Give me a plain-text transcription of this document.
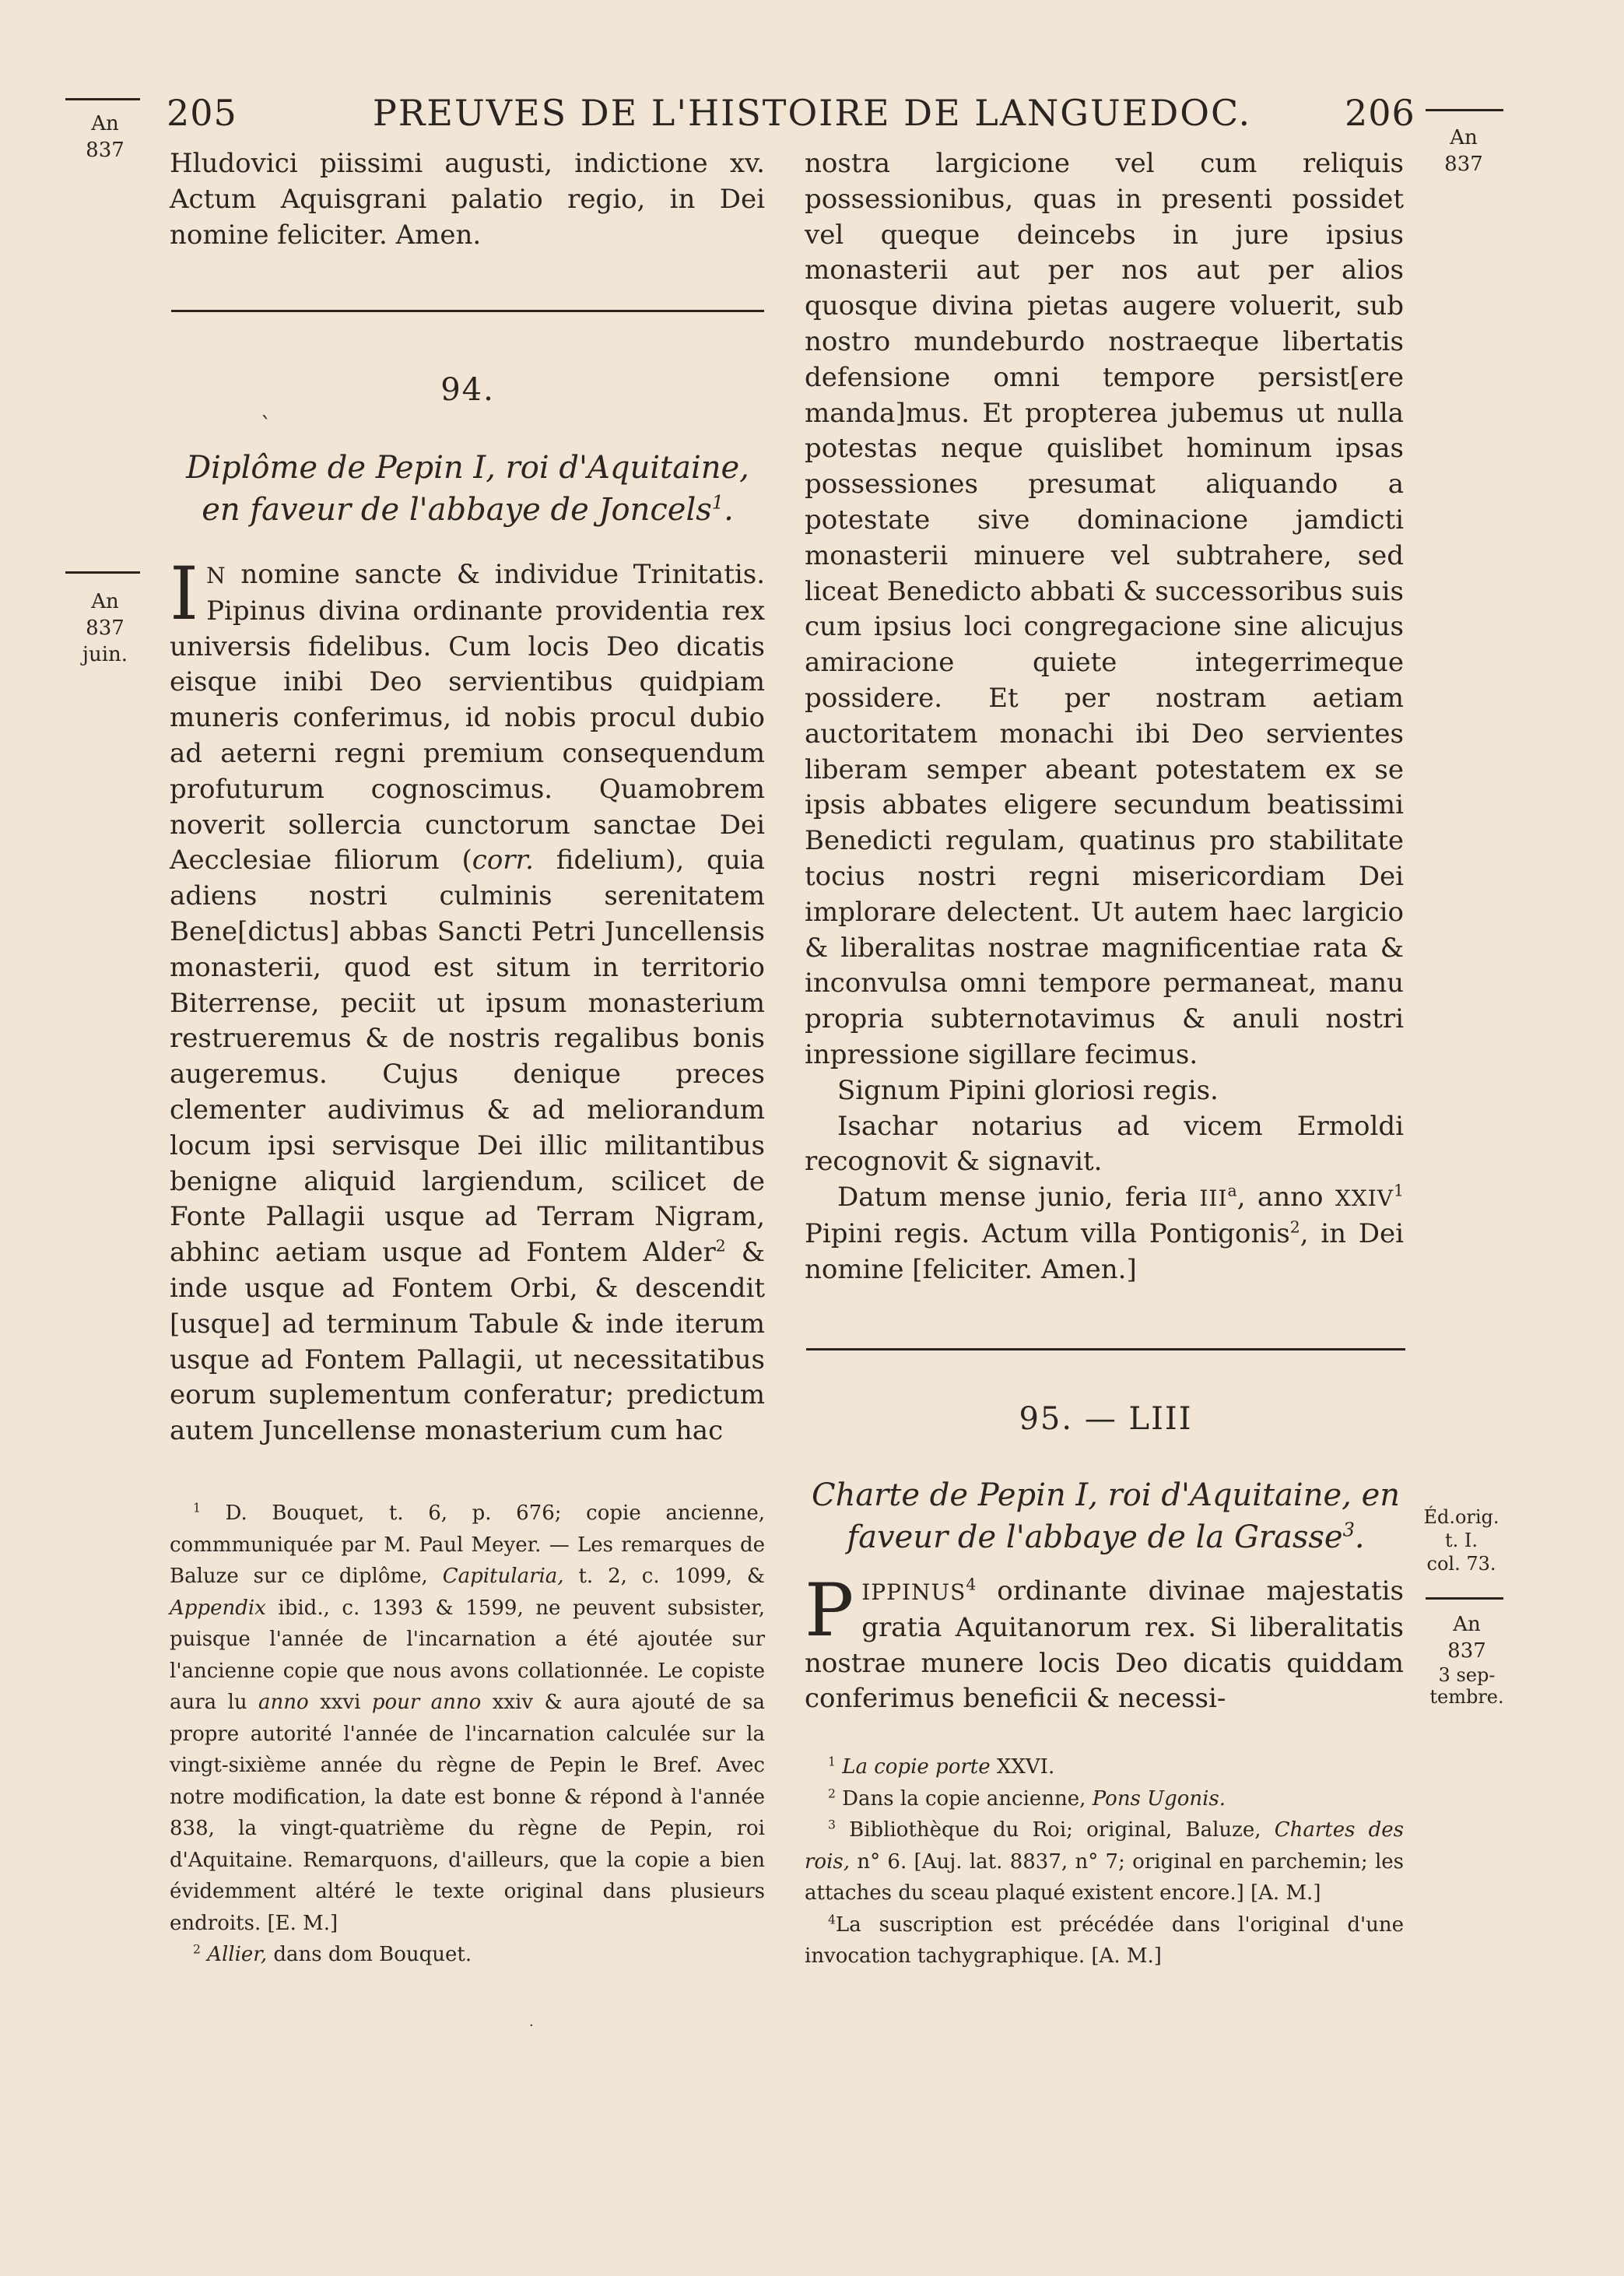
205	PREUVES DE L'HISTOIRE DE LANGUEDOC.	206
An
837
An
837
juin.
An
837
Éd.orig.
t. I.
col. 73.
An
837
3 sep-
tembre.

Hludovici piissimi augusti, indictione xv. Actum Aquisgrani palatio regio, in Dei nomine feliciter. Amen.

94.
`
Diplôme de Pepin I, roi d'Aquitaine,
en faveur de l'abbaye de Joncels$^1$.

I N nomine sancte & individue Trinitatis. Pipinus divina ordinante providentia rex universis fidelibus. Cum locis Deo dicatis eisque inibi Deo servientibus quidpiam muneris conferimus, id nobis procul dubio ad aeterni regni premium consequendum profuturum cognoscimus. Quamobrem noverit sollercia cunctorum sanctae Dei Aecclesiae filiorum (corr. fidelium), quia adiens nostri culminis serenitatem Bene[dictus] abbas Sancti Petri Juncellensis monasterii, quod est situm in territorio Biterrense, peciit ut ipsum monasterium restrueremus & de nostris regalibus bonis augeremus. Cujus denique preces clementer audivimus & ad meliorandum locum ipsi servisque Dei illic militantibus benigne aliquid largiendum, scilicet de Fonte Pallagii usque ad Terram Nigram, abhinc aetiam usque ad Fontem Alder$^2$ & inde usque ad Fontem Orbi, & descendit [usque] ad terminum Tabule & inde iterum usque ad Fontem Pallagii, ut necessitatibus eorum suplementum conferatur; predictum autem Juncellense monasterium cum hac

$^1$ D. Bouquet, t. 6, p. 676; copie ancienne, commmuniquée par M. Paul Meyer. — Les remarques de Baluze sur ce diplôme, Capitularia, t. 2, c. 1099, & Appendix ibid., c. 1393 & 1599, ne peuvent subsister, puisque l'année de l'incarnation a été ajoutée sur l'ancienne copie que nous avons collationnée. Le copiste aura lu anno xxvi pour anno xxiv & aura ajouté de sa propre autorité l'année de l'incarnation calculée sur la vingt-sixième année du règne de Pepin le Bref. Avec notre modification, la date est bonne & répond à l'année 838, la vingt-quatrième du règne de Pepin, roi d'Aquitaine. Remarquons, d'ailleurs, que la copie a bien évidemment altéré le texte original dans plusieurs endroits. [E. M.]

$^2$ Allier, dans dom Bouquet.

nostra largicione vel cum reliquis possessionibus, quas in presenti possidet vel queque deincebs in jure ipsius monasterii aut per nos aut per alios quosque divina pietas augere voluerit, sub nostro mundeburdo nostraeque libertatis defensione omni tempore persist[ere manda]mus. Et propterea jubemus ut nulla potestas neque quislibet hominum ipsas possessiones presumat aliquando a potestate sive dominacione jamdicti monasterii minuere vel subtrahere, sed liceat Benedicto abbati & successoribus suis cum ipsius loci congregacione sine alicujus amiracione quiete integerrimeque possidere. Et per nostram aetiam auctoritatem monachi ibi Deo servientes liberam semper abeant potestatem ex se ipsis abbates eligere secundum beatissimi Benedicti regulam, quatinus pro stabilitate tocius nostri regni misericordiam Dei implorare delectent. Ut autem haec largicio & liberalitas nostrae magnificentiae rata & inconvulsa omni tempore permaneat, manu propria subternotavimus & anuli nostri inpressione sigillare fecimus.

Signum Pipini gloriosi regis.

Isachar notarius ad vicem Ermoldi recognovit & signavit.

Datum mense junio, feria III$^a$, anno XXIV$^1$ Pipini regis. Actum villa Pontigonis$^2$, in Dei nomine [feliciter. Amen.]

95. — LIII
Charte de Pepin I, roi d'Aquitaine, en
faveur de l'abbaye de la Grasse$^3$.

PIPPINUS$^4$ ordinante divinae majestatis gratia Aquitanorum rex. Si liberalitatis nostrae munere locis Deo dicatis quiddam conferimus beneficii & necessi-

$^1$ La copie porte XXVI.

$^2$ Dans la copie ancienne, Pons Ugonis.

$^3$ Bibliothèque du Roi; original, Baluze, Chartes des rois, n° 6. [Auj. lat. 8837, n° 7; original en parchemin; les attaches du sceau plaqué existent encore.] [A. M.]

$^4$La suscription est précédée dans l'original d'une invocation tachygraphique. [A. M.]

·
